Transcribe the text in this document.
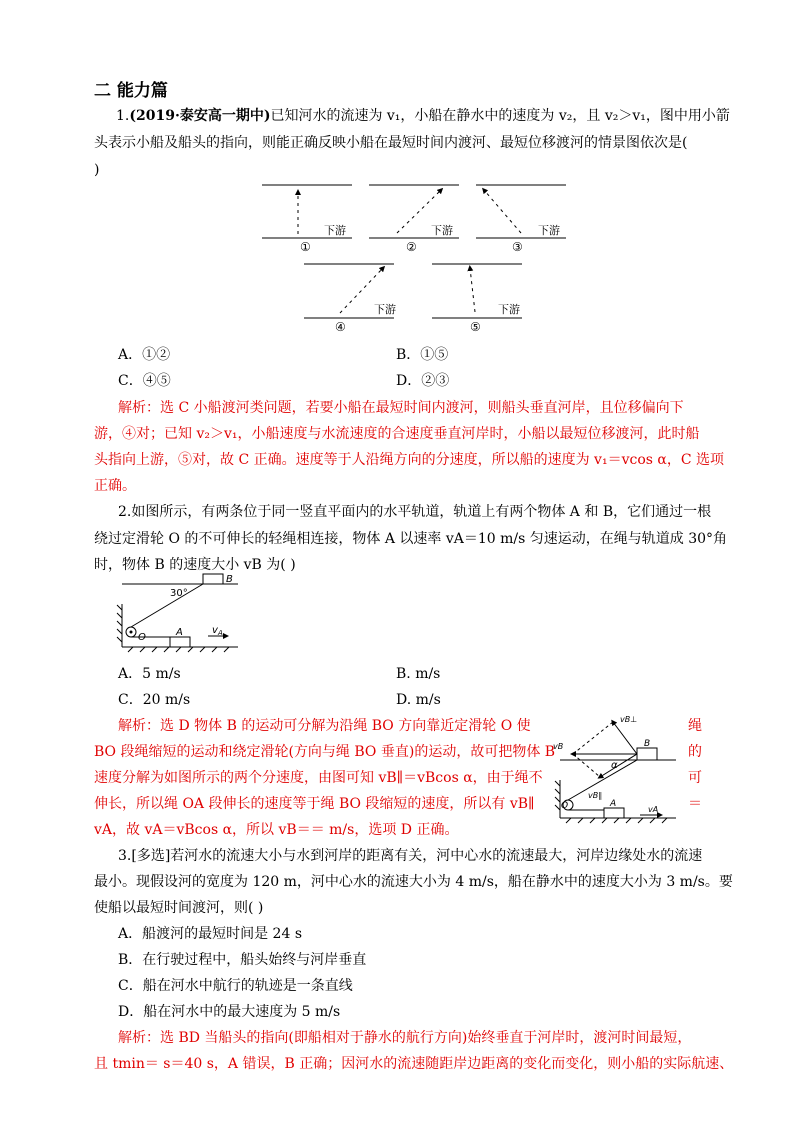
二 能力篇
1.(2019·泰安高一期中)已知河水的流速为 v₁，小船在静水中的速度为 v₂，且 v₂＞v₁，图中用小箭
头表示小船及船头的指向，则能正确反映小船在最短时间内渡河、最短位移渡河的情景图依次是(
)
下游	下游	下游
下游	下游
①	②	③
④	⑤
A．①②	B．①⑤
C．④⑤	D．②③
解析：选 C 小船渡河类问题，若要小船在最短时间内渡河，则船头垂直河岸，且位移偏向下
游，④对；已知 v₂＞v₁，小船速度与水流速度的合速度垂直河岸时，小船以最短位移渡河，此时船
头指向上游，⑤对，故 C 正确。速度等于人沿绳方向的分速度，所以船的速度为 v₁＝vcos α，C 选项
正确。
2.如图所示，有两条位于同一竖直平面内的水平轨道，轨道上有两个物体 A 和 B，它们通过一根
绕过定滑轮 O 的不可伸长的轻绳相连接，物体 A 以速率 vA＝10 m/s 匀速运动，在绳与轨道成 30°角
时，物体 B 的速度大小 vB 为( )
30°
B
A
O
v A
A．5 m/s	B. m/s
C．20 m/s	D. m/s
解析：选 D 物体 B 的运动可分解为沿绳 BO 方向靠近定滑轮 O 使
BO 段绳缩短的运动和绕定滑轮(方向与绳 BO 垂直)的运动，故可把物体 B
速度分解为如图所示的两个分速度，由图可知 vB∥＝vBcos α，由于绳不
伸长，所以绳 OA 段伸长的速度等于绳 BO 段缩短的速度，所以有 vB∥
vA，故 vA＝vBcos α，所以 vB＝＝ m/s，选项 D 正确。
绳
的
可
＝
vB⊥
vB	B
α
O
vB∥
A
vA
3.[多选]若河水的流速大小与水到河岸的距离有关，河中心水的流速最大，河岸边缘处水的流速
最小。现假设河的宽度为 120 m，河中心水的流速大小为 4 m/s，船在静水中的速度大小为 3 m/s。要
使船以最短时间渡河，则( )
A．船渡河的最短时间是 24 s
B．在行驶过程中，船头始终与河岸垂直
C．船在河水中航行的轨迹是一条直线
D．船在河水中的最大速度为 5 m/s
解析：选 BD 当船头的指向(即船相对于静水的航行方向)始终垂直于河岸时，渡河时间最短，
且 tmin＝ s＝40 s，A 错误，B 正确；因河水的流速随距岸边距离的变化而变化，则小船的实际航速、
